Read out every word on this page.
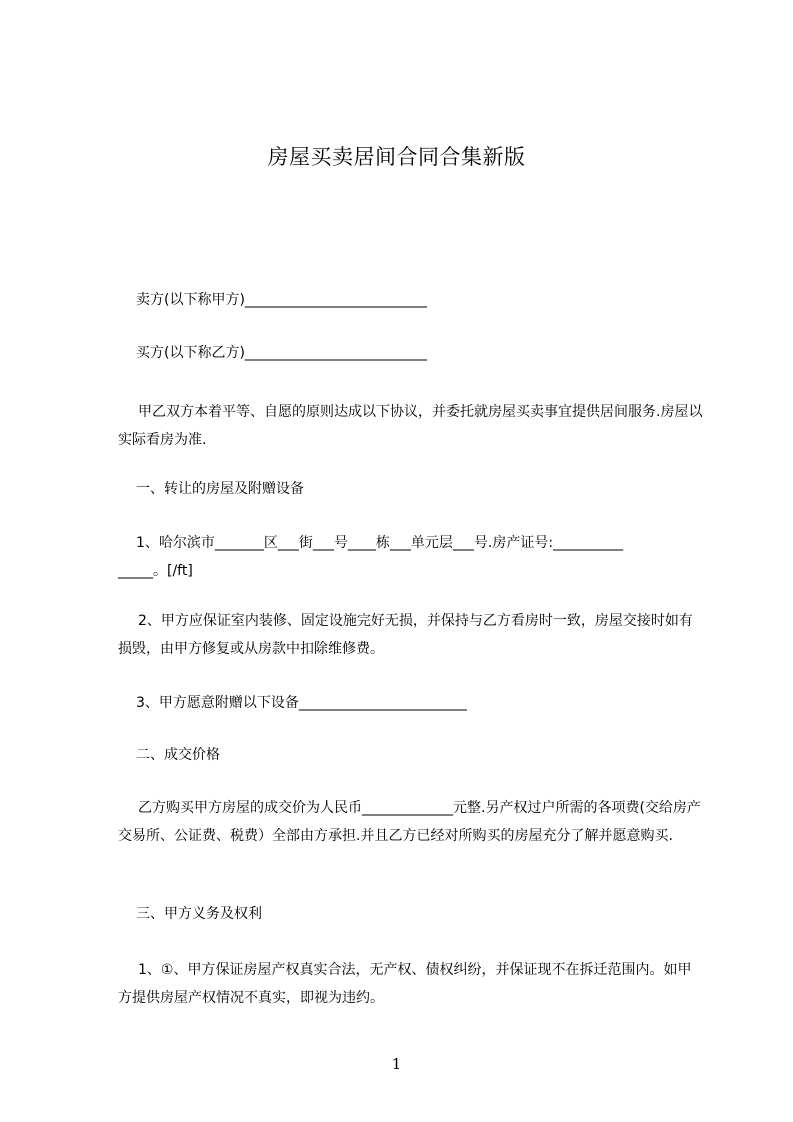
房屋买卖居间合同合集新版
卖方(以下称甲方)__________________________
买方(以下称乙方)__________________________
甲乙双方本着平等、自愿的原则达成以下协议，并委托就房屋买卖事宜提供居间服务.房屋以实际看房为准.
一、转让的房屋及附赠设备
1、哈尔滨市_______区___街___号____栋___单元层___号.房产证号:__________
_____。[/ft]
2、甲方应保证室内装修、固定设施完好无损，并保持与乙方看房时一致，房屋交接时如有损毁，由甲方修复或从房款中扣除维修费。
3、甲方愿意附赠以下设备________________________
二、成交价格
乙方购买甲方房屋的成交价为人民币_____________元整.另产权过户所需的各项费(交给房产交易所、公证费、税费）全部由方承担.并且乙方已经对所购买的房屋充分了解并愿意购买.
三、甲方义务及权利
1、①、甲方保证房屋产权真实合法，无产权、债权纠纷，并保证现不在拆迁范围内。如甲方提供房屋产权情况不真实，即视为违约。
1
